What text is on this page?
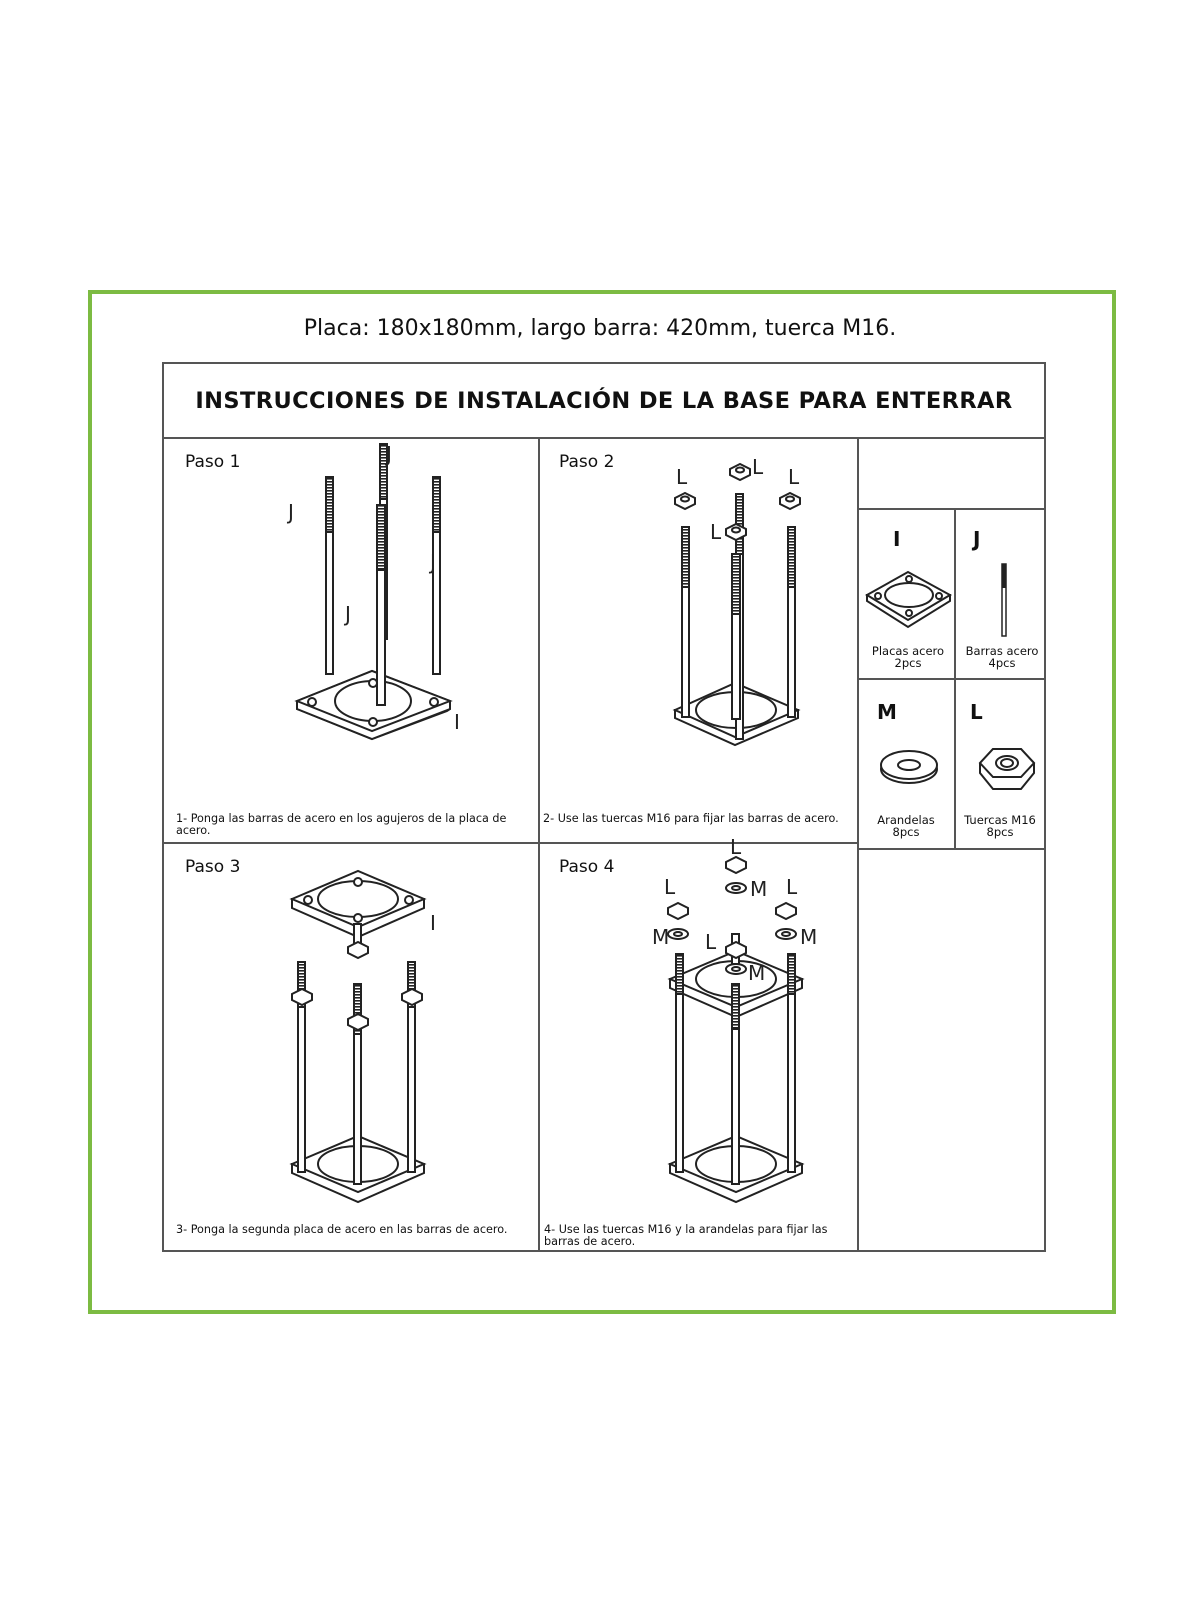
Placa: 180x180mm, largo barra: 420mm, tuerca M16.
INSTRUCCIONES DE INSTALACIÓN DE LA BASE PARA ENTERRAR
Paso 1	Paso 2
Paso 3	Paso 4
1- Ponga las barras de acero en los agujeros de la placa de acero.
2- Use las tuercas M16 para fijar las barras de acero.
3- Ponga la segunda placa de acero en las barras de acero.	4- Use las tuercas M16 y la arandelas para fijar las barras de acero.
J
J
J
J
I
L	L L
L
I
L
M
L
M L
M
L
M
I
Placas acero
2pcs
J
Barras acero
4pcs
M
Arandelas
8pcs
L
Tuercas M16
8pcs
